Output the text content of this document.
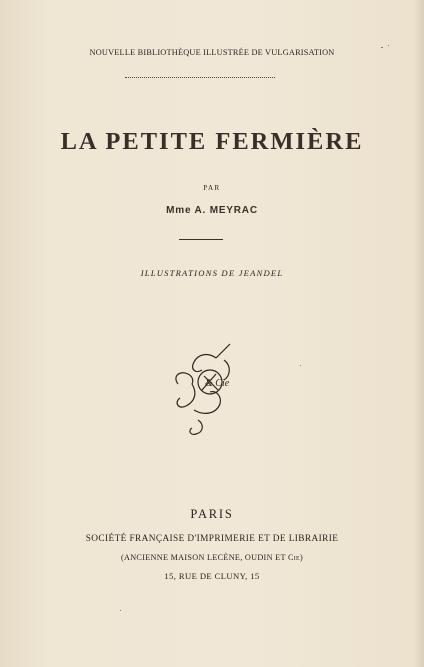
NOUVELLE BIBLIOTHÈQUE ILLUSTRÉE DE VULGARISATION
LA PETITE FERMIÈRE
PAR
Mme A. MEYRAC
ILLUSTRATIONS DE JEANDEL
& Cie
PARIS
SOCIÉTÉ FRANÇAISE D'IMPRIMERIE ET DE LIBRAIRIE
(ANCIENNE MAISON LECÈNE, OUDIN ET Cie)
15, RUE DE CLUNY, 15
